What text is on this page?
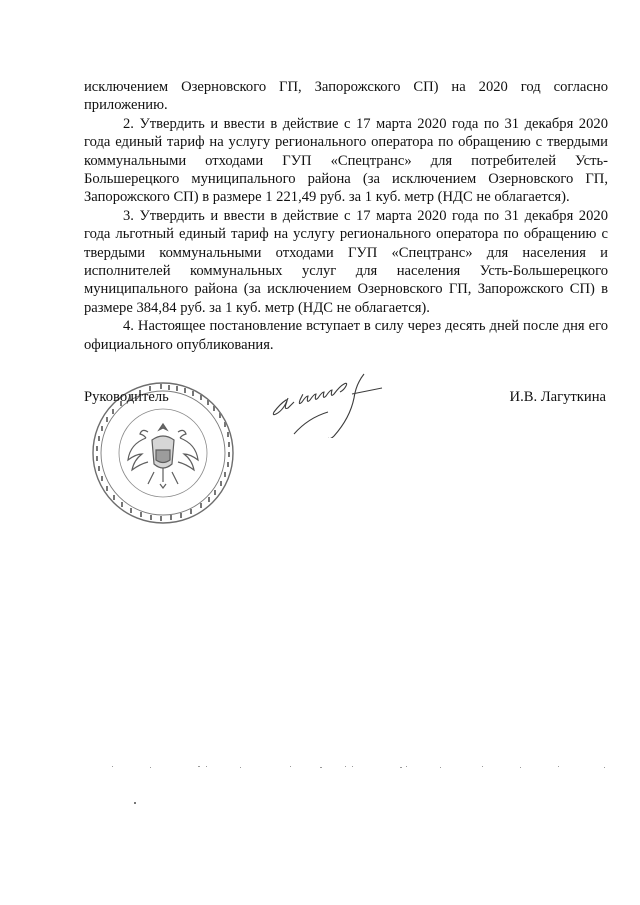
исключением Озерновского ГП, Запорожского СП) на 2020 год согласно приложению.

2. Утвердить и ввести в действие с 17 марта 2020 года по 31 декабря 2020 года единый тариф на услугу регионального оператора по обращению с твердыми коммунальными отходами ГУП «Спецтранс» для потребителей Усть-Большерецкого муниципального района (за исключением Озерновского ГП, Запорожского СП) в размере 1 221,49 руб. за 1 куб. метр (НДС не облагается).

3. Утвердить и ввести в действие с 17 марта 2020 года по 31 декабря 2020 года льготный единый тариф на услугу регионального оператора по обращению с твердыми коммунальными отходами ГУП «Спецтранс» для населения и исполнителей коммунальных услуг для населения Усть-Большерецкого муниципального района (за исключением Озерновского ГП, Запорожского СП) в размере 384,84 руб. за 1 куб. метр (НДС не облагается).

4. Настоящее постановление вступает в силу через десять дней после дня его официального опубликования.

Руководитель	И.В. Лагуткина
